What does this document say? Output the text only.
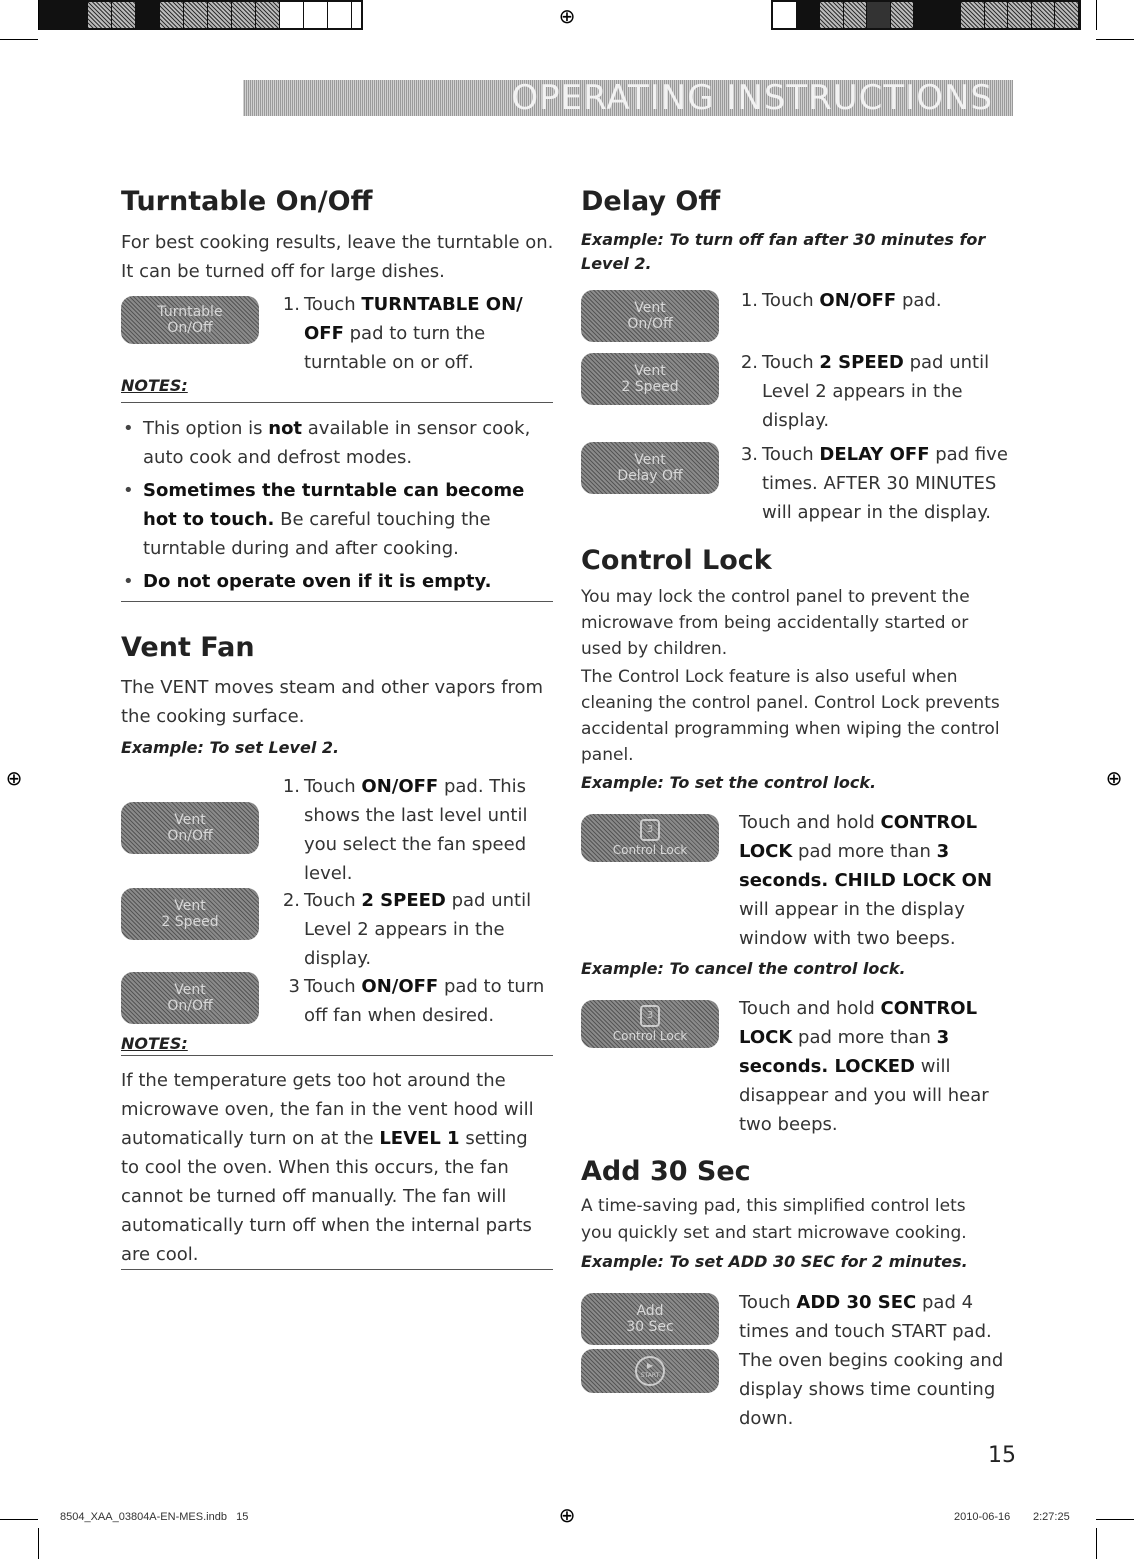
⊕
⊕	⊕
⊕
OPERATING INSTRUCTIONS
Turntable On/Off

For best cooking results, leave the turntable on. It can be turned off for large dishes.

Turntable
On/Off
1. Touch TURNTABLE ON/ OFF pad to turn the turntable on or off.
NOTES:
• This option is not available in sensor cook, auto cook and defrost modes.
• Sometimes the turntable can become hot to touch. Be careful touching the turntable during and after cooking.
• Do not operate oven if it is empty.
Vent Fan

The VENT moves steam and other vapors from the cooking surface.

Example: To set Level 2.
Vent
On/Off
Vent
2 Speed
Vent
On/Off
1. Touch ON/OFF pad. This shows the last level until you select the fan speed level.
2. Touch 2 SPEED pad until Level 2 appears in the display.
3 Touch ON/OFF pad to turn off fan when desired.
NOTES:

If the temperature gets too hot around the microwave oven, the fan in the vent hood will automatically turn on at the LEVEL 1 setting to cool the oven. When this occurs, the fan cannot be turned off manually. The fan will automatically turn off when the internal parts are cool.

Delay Off
Example: To turn off fan after 30 minutes for Level 2.
Vent
On/Off
Vent
2 Speed
Vent
Delay Off
1. Touch ON/OFF pad.
2. Touch 2 SPEED pad until Level 2 appears in the display.
3. Touch DELAY OFF pad five times. AFTER 30 MINUTES will appear in the display.
Control Lock

You may lock the control panel to prevent the microwave from being accidentally started or used by children.

The Control Lock feature is also useful when cleaning the control panel. Control Lock prevents accidental programming when wiping the control panel.

Example: To set the control lock.
3
Control Lock

Touch and hold CONTROL LOCK pad more than 3 seconds. CHILD LOCK ON will appear in the display window with two beeps.

Example: To cancel the control lock.
3
Control Lock

Touch and hold CONTROL LOCK pad more than 3 seconds. LOCKED will disappear and you will hear two beeps.

Add 30 Sec

A time-saving pad, this simplified control lets you quickly set and start microwave cooking.

Example: To set ADD 30 SEC for 2 minutes.
Add
30 Sec
▶
START

Touch ADD 30 SEC pad 4 times and touch START pad. The oven begins cooking and display shows time counting down.

15
8504_XAA_03804A-EN-MES.indb   15	2010-06-16 2:27:25
